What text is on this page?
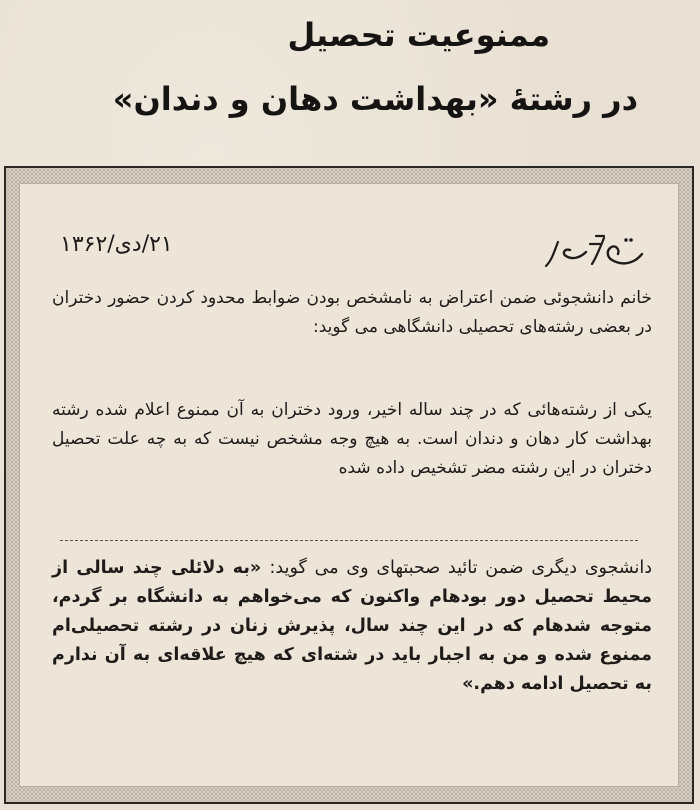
ممنوعیت تحصیل
در رشتهٔ «بهداشت دهان و دندان»
۲۱/دی/۱۳۶۲
خانم دانشجوئی ضمن اعتراض به نامشخص بودن ضوابط محدود کردن حضور دختران در بعضی رشته‌های تحصیلی دانشگاهی می گوید:
یکی از رشته‌هائی که در چند ساله اخیر، ورود دختران به آن ممنوع اعلام شده رشته بهداشت کار دهان و دندان است. به هیچ وجه مشخص نیست که به چه علت تحصیل دختران در این رشته مضر تشخیص داده شده
دانشجوی دیگری ضمن تائید صحبتهای وی می گوید: «به دلائلی چند سالی از محیط تحصیل دور بودهام واکنون که می‌خواهم به دانشگاه بر گردم، متوجه شدهام که در این چند سال، پذیرش زنان در رشته تحصیلی‌ام ممنوع شده و من به اجبار باید در شته‌ای که هیچ علاقه‌ای به آن ندارم به تحصیل ادامه دهم.»
